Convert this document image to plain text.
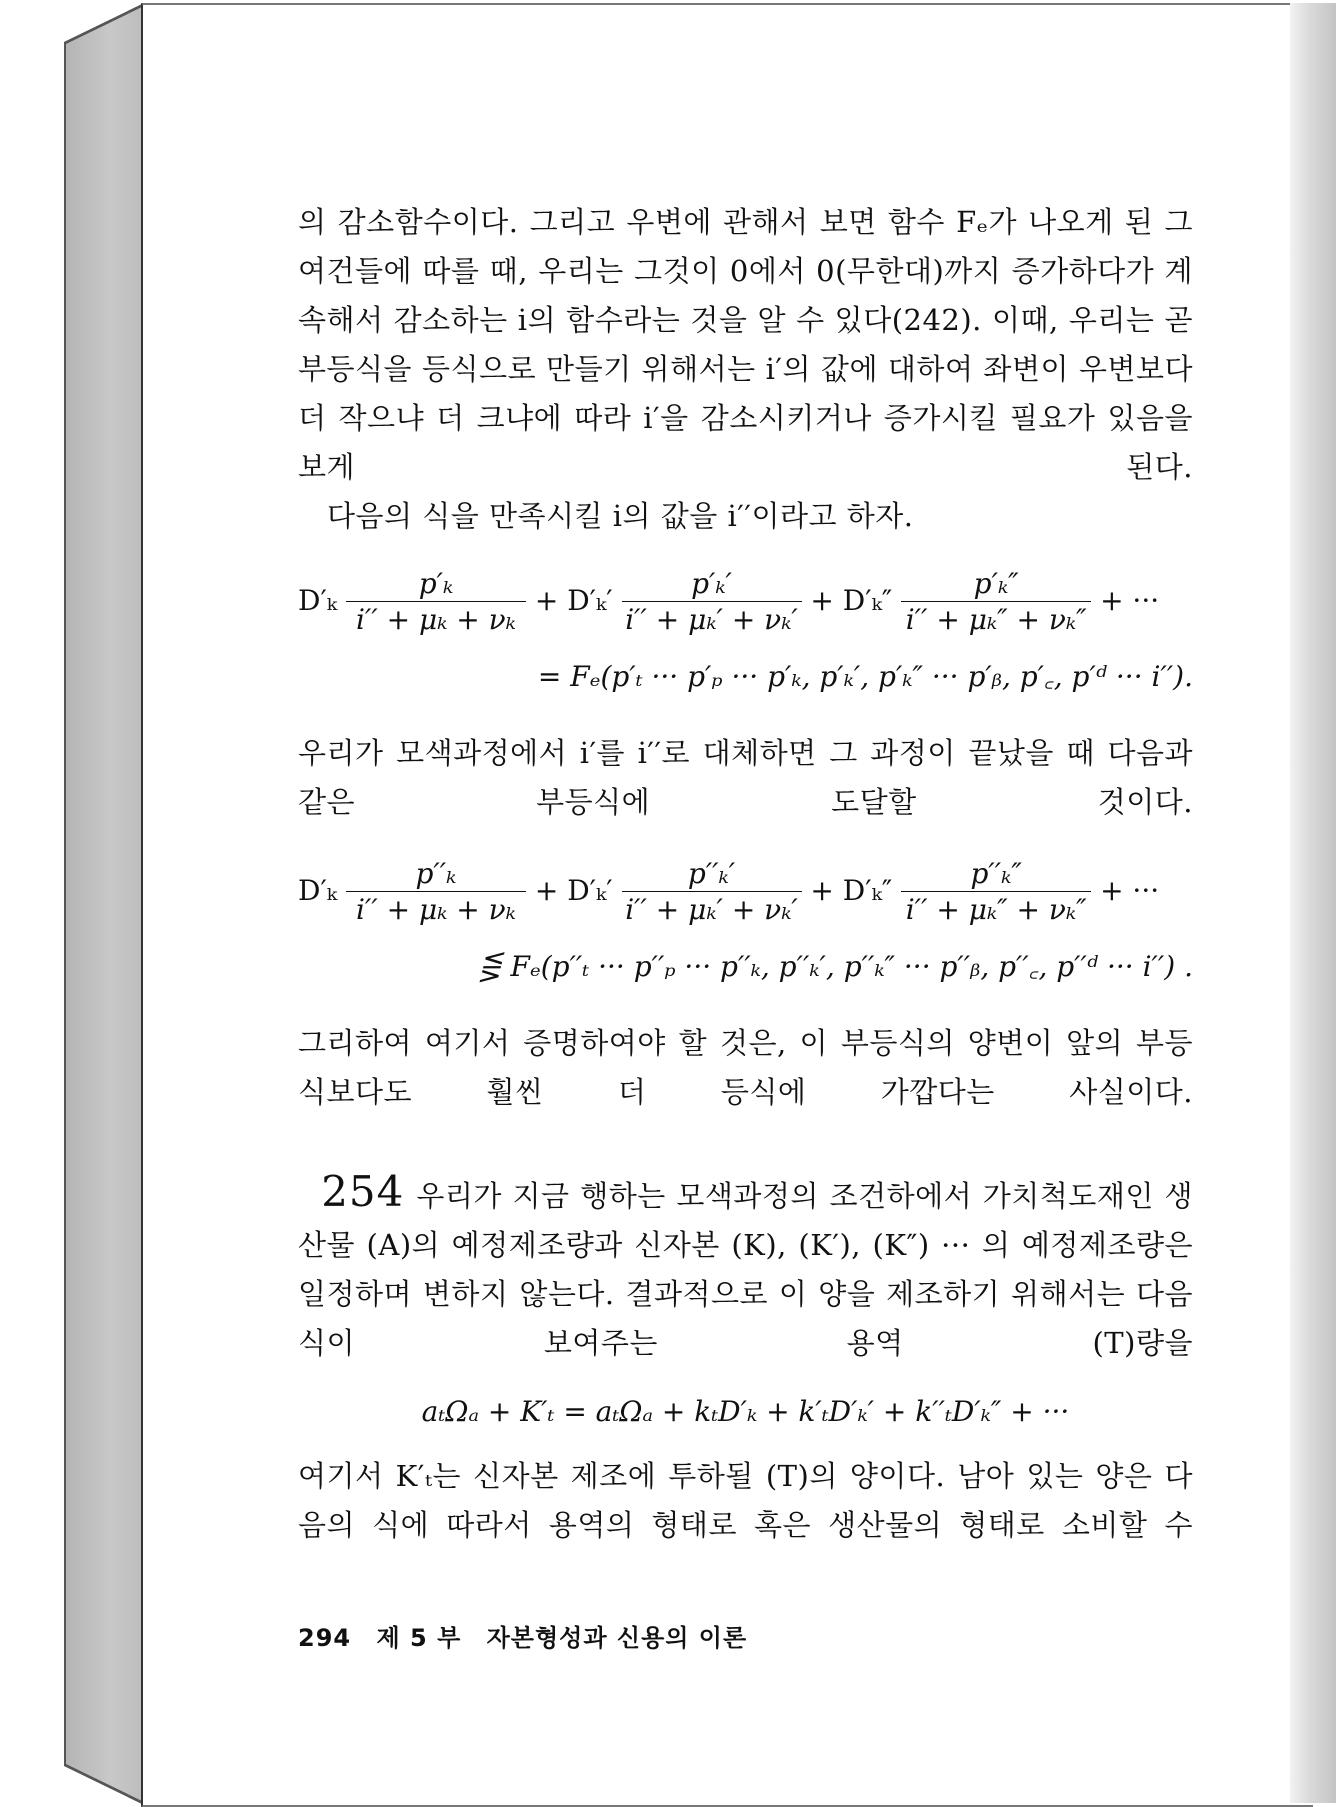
의 감소함수이다. 그리고 우변에 관해서 보면 함수 Fₑ가 나오게 된 그 여건들에 따를 때, 우리는 그것이 0에서 0(무한대)까지 증가하다가 계속해서 감소하는 i의 함수라는 것을 알 수 있다(242). 이때, 우리는 곧 부등식을 등식으로 만들기 위해서는 i′의 값에 대하여 좌변이 우변보다 더 작으냐 더 크냐에 따라 i′을 감소시키거나 증가시킬 필요가 있음을 보게 된다.

다음의 식을 만족시킬 i의 값을 i′′이라고 하자.

$D'_k \frac{\text{p′ₖ}}{\text{i′′ + μₖ + νₖ}} + D'_k' \frac{\text{p′ₖ′}}{\text{i′′ + μₖ′ + νₖ′}} + D'_k'' \frac{\text{p′ₖ″}}{\text{i′′ + μₖ″ + νₖ″}}$ + ···
= Fₑ(p′ₜ ··· p′ₚ ··· p′ₖ, p′ₖ′, p′ₖ″ ··· p′ᵦ, p′꜀, p′ᵈ ··· i′′).

우리가 모색과정에서 i′를 i′′로 대체하면 그 과정이 끝났을 때 다음과 같은 부등식에 도달할 것이다.

$D'_k \frac{\text{p′′ₖ}}{\text{i′′ + μₖ + νₖ}} + D'_k' \frac{\text{p′′ₖ′}}{\text{i′′ + μₖ′ + νₖ′}} + D'_k'' \frac{\text{p′′ₖ″}}{\text{i′′ + μₖ″ + νₖ″}}$ + ···
⋚ Fₑ(p′′ₜ ··· p′′ₚ ··· p′′ₖ, p′′ₖ′, p′′ₖ″ ··· p′′ᵦ, p′′꜀, p′′ᵈ ··· i′′) .

그리하여 여기서 증명하여야 할 것은, 이 부등식의 양변이 앞의 부등식보다도 훨씬 더 등식에 가깝다는 사실이다.

254 우리가 지금 행하는 모색과정의 조건하에서 가치척도재인 생산물 (A)의 예정제조량과 신자본 (K), (K′), (K″) ··· 의 예정제조량은 일정하며 변하지 않는다. 결과적으로 이 양을 제조하기 위해서는 다음 식이 보여주는 용역 (T)량을

aₜΩₐ + K′ₜ = aₜΩₐ + kₜD′ₖ + k′ₜD′ₖ′ + k′′ₜD′ₖ″ + ···

여기서 K′ₜ는 신자본 제조에 투하될 (T)의 양이다. 남아 있는 양은 다음의 식에 따라서 용역의 형태로 혹은 생산물의 형태로 소비할 수

294 제 5 부 자본형성과 신용의 이론
